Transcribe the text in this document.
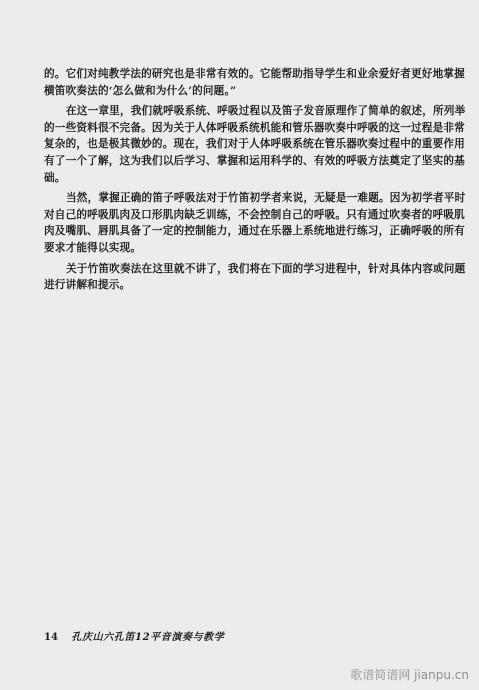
的。它们对纯教学法的研究也是非常有效的。它能帮助指导学生和业余爱好者更好地掌握
横笛吹奏法的‘怎么做和为什么’的问题。”

在这一章里，我们就呼吸系统、呼吸过程以及笛子发音原理作了简单的叙述，所列举
的一些资料很不完备。因为关于人体呼吸系统机能和管乐器吹奏中呼吸的这一过程是非常
复杂的，也是极其微妙的。现在，我们对于人体呼吸系统在管乐器吹奏过程中的重要作用
有了一个了解，这为我们以后学习、掌握和运用科学的、有效的呼吸方法奠定了坚实的基
础。

当然，掌握正确的笛子呼吸法对于竹笛初学者来说，无疑是一难题。因为初学者平时
对自己的呼吸肌肉及口形肌肉缺乏训练，不会控制自己的呼吸。只有通过吹奏者的呼吸肌
肉及嘴肌、唇肌具备了一定的控制能力，通过在乐器上系统地进行练习，正确呼吸的所有
要求才能得以实现。

关于竹笛吹奏法在这里就不讲了，我们将在下面的学习进程中，针对具体内容或问题
进行讲解和提示。

14 孔庆山六孔笛12平音演奏与教学
歌谱简谱网 jianpu.cn
